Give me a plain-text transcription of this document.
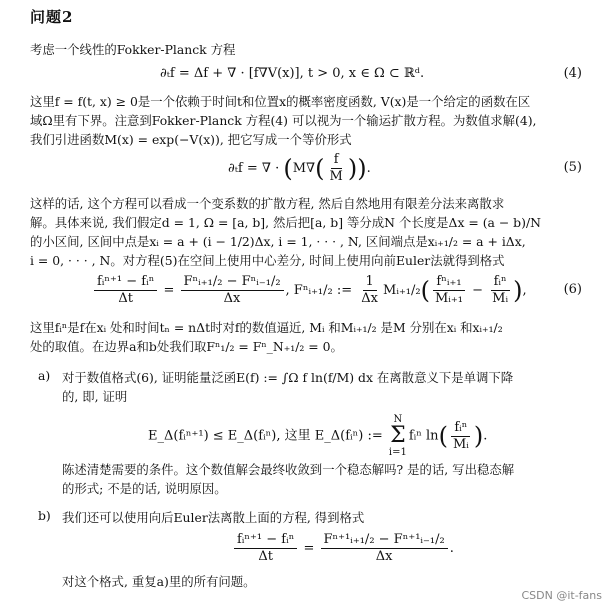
问题2

考虑一个线性的Fokker-Planck 方程

∂ₜf = Δf + ∇ · [f∇V(x)], t > 0, x ∈ Ω ⊂ ℝᵈ.	(4)

这里f = f(t, x) ≥ 0是一个依赖于时间t和位置x的概率密度函数, V(x)是一个给定的函数在区

域Ω里有下界。注意到Fokker-Planck 方程(4) 可以视为一个输运扩散方程。为数值求解(4),

我们引进函数M(x) = exp(−V(x)), 把它写成一个等价形式

∂ₜf = ∇ · ($M\nabla( \frac{f}{M}$ )).	(5)

这样的话, 这个方程可以看成一个变系数的扩散方程, 然后自然地用有限差分法来离散求

解。具体来说, 我们假定d = 1, Ω = [a, b], 然后把[a, b] 等分成N 个长度是Δx = (a − b)/N

的小区间, 区间中点是xᵢ = a + (i − 1/2)Δx, i = 1, · · · , N, 区间端点是xᵢ₊₁/₂ = a + iΔx,

i = 0, · · · , N。对方程(5)在空间上使用中心差分, 时间上使用向前Euler法就得到格式

$\frac{\text{fᵢⁿ⁺¹ − fᵢⁿ}}{\Delta t} = \frac{\text{Fⁿᵢ₊₁/₂ − Fⁿᵢ₋₁/₂}}{\Delta x}$ , Fⁿᵢ₊₁/₂ := $\frac{1}{\Delta x}$ Mᵢ₊₁/₂( $\frac{\text{fⁿᵢ₊₁}}{\text{Mᵢ₊₁}} - \frac{\text{fᵢⁿ}}{\text{Mᵢ}}$ ),	(6)

这里fᵢⁿ是f在xᵢ 处和时间tₙ = nΔt时对f的数值逼近, Mᵢ 和Mᵢ₊₁/₂ 是M 分别在xᵢ 和xᵢ₊₁/₂

处的取值。在边界a和b处我们取Fⁿ₁/₂ = Fⁿ_N₊₁/₂ = 0。

a) 对于数值格式(6), 证明能量泛函E(f) := ∫Ω f ln(f/M) dx 在离散意义下是单调下降

的, 即, 证明

E_Δ(fᵢⁿ⁺¹) ≤ E_Δ(fᵢⁿ), 这里 E_Δ(fᵢⁿ) :=
N
Σ
i=1
fᵢⁿ $\ln( \frac{\text{fᵢⁿ}}{\text{Mᵢ}}$ ).

陈述清楚需要的条件。这个数值解会最终收敛到一个稳态解吗? 是的话, 写出稳态解

的形式; 不是的话, 说明原因。

b) 我们还可以使用向后Euler法离散上面的方程, 得到格式

$\frac{\text{fᵢⁿ⁺¹ − fᵢⁿ}}{\Delta t} = \frac{\text{Fⁿ⁺¹ᵢ₊₁/₂ − Fⁿ⁺¹ᵢ₋₁/₂}}{\Delta x}$ .

对这个格式, 重复a)里的所有问题。

CSDN @it-fans
